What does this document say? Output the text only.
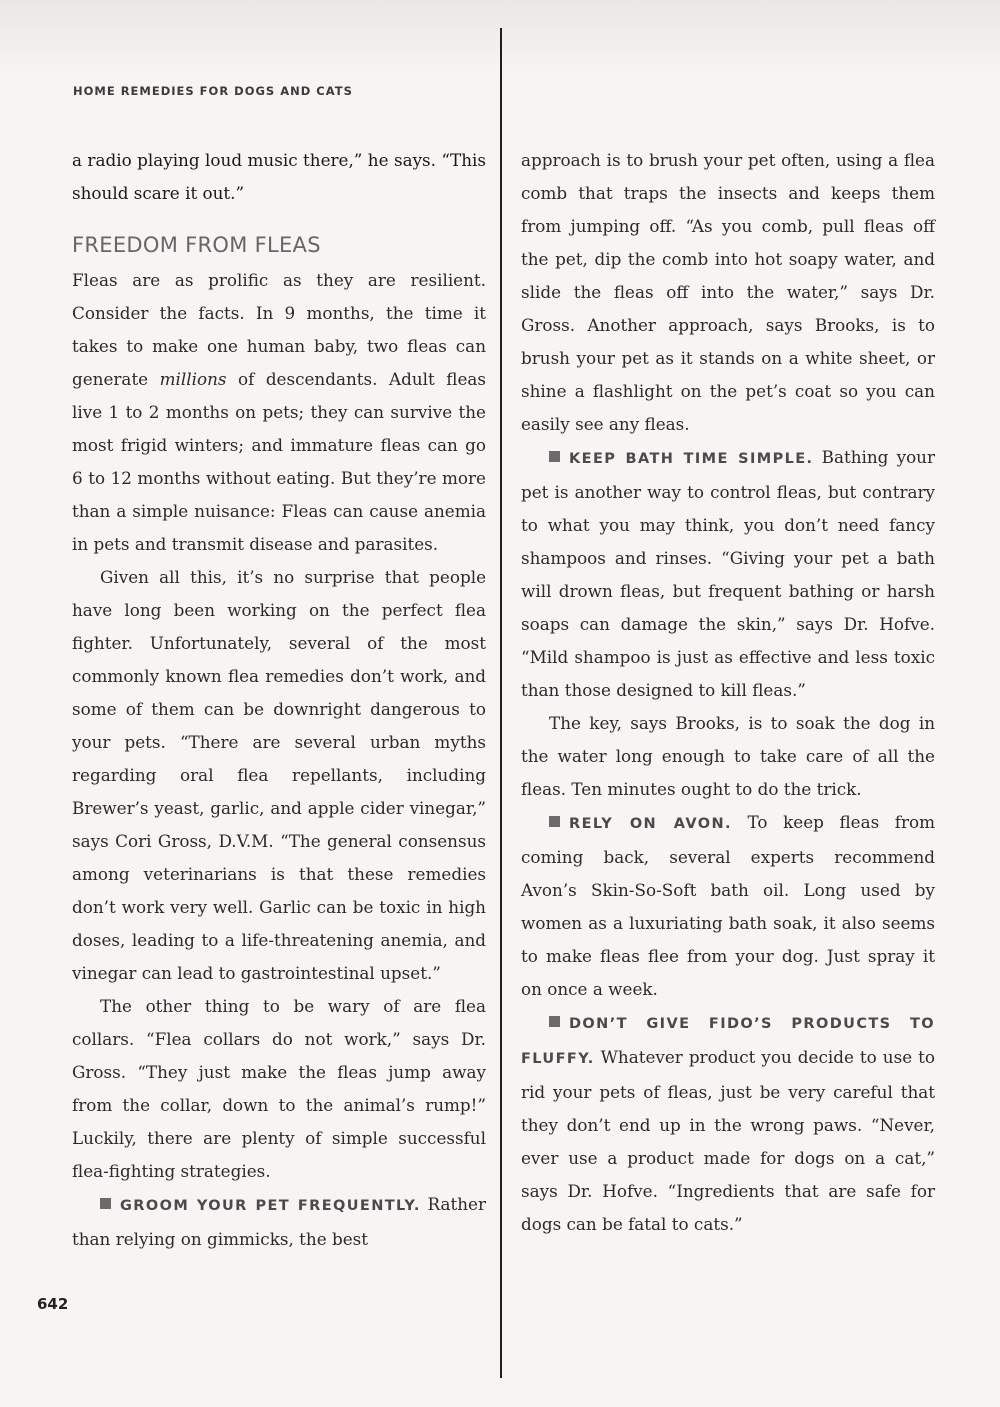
HOME REMEDIES FOR DOGS AND CATS

a radio playing loud music there,” he says. “This should scare it out.”

FREEDOM FROM FLEAS

Fleas are as prolific as they are resilient. Consider the facts. In 9 months, the time it takes to make one human baby, two fleas can generate millions of descendants. Adult fleas live 1 to 2 months on pets; they can survive the most frigid winters; and immature fleas can go 6 to 12 months without eating. But they’re more than a simple nuisance: Fleas can cause anemia in pets and transmit disease and parasites.

Given all this, it’s no surprise that people have long been working on the perfect flea fighter. Unfortunately, several of the most commonly known flea remedies don’t work, and some of them can be downright dangerous to your pets. “There are several urban myths regarding oral flea repellants, including Brewer’s yeast, garlic, and apple cider vinegar,” says Cori Gross, D.V.M. “The general consensus among veterinarians is that these remedies don’t work very well. Garlic can be toxic in high doses, leading to a life-threatening anemia, and vinegar can lead to gastrointestinal upset.”

The other thing to be wary of are flea collars. “Flea collars do not work,” says Dr. Gross. “They just make the fleas jump away from the collar, down to the animal’s rump!” Luckily, there are plenty of simple successful flea-fighting strategies.

GROOM YOUR PET FREQUENTLY. Rather than relying on gimmicks, the best

approach is to brush your pet often, using a flea comb that traps the insects and keeps them from jumping off. “As you comb, pull fleas off the pet, dip the comb into hot soapy water, and slide the fleas off into the water,” says Dr. Gross. Another approach, says Brooks, is to brush your pet as it stands on a white sheet, or shine a flashlight on the pet’s coat so you can easily see any fleas.

KEEP BATH TIME SIMPLE. Bathing your pet is another way to control fleas, but contrary to what you may think, you don’t need fancy shampoos and rinses. “Giving your pet a bath will drown fleas, but frequent bathing or harsh soaps can damage the skin,” says Dr. Hofve. “Mild shampoo is just as effective and less toxic than those designed to kill fleas.”

The key, says Brooks, is to soak the dog in the water long enough to take care of all the fleas. Ten minutes ought to do the trick.

RELY ON AVON. To keep fleas from coming back, several experts recommend Avon’s Skin-So-Soft bath oil. Long used by women as a luxuriating bath soak, it also seems to make fleas flee from your dog. Just spray it on once a week.

DON’T GIVE FIDO’S PRODUCTS TO FLUFFY. Whatever product you decide to use to rid your pets of fleas, just be very careful that they don’t end up in the wrong paws. “Never, ever use a product made for dogs on a cat,” says Dr. Hofve. “Ingredients that are safe for dogs can be fatal to cats.”

642
